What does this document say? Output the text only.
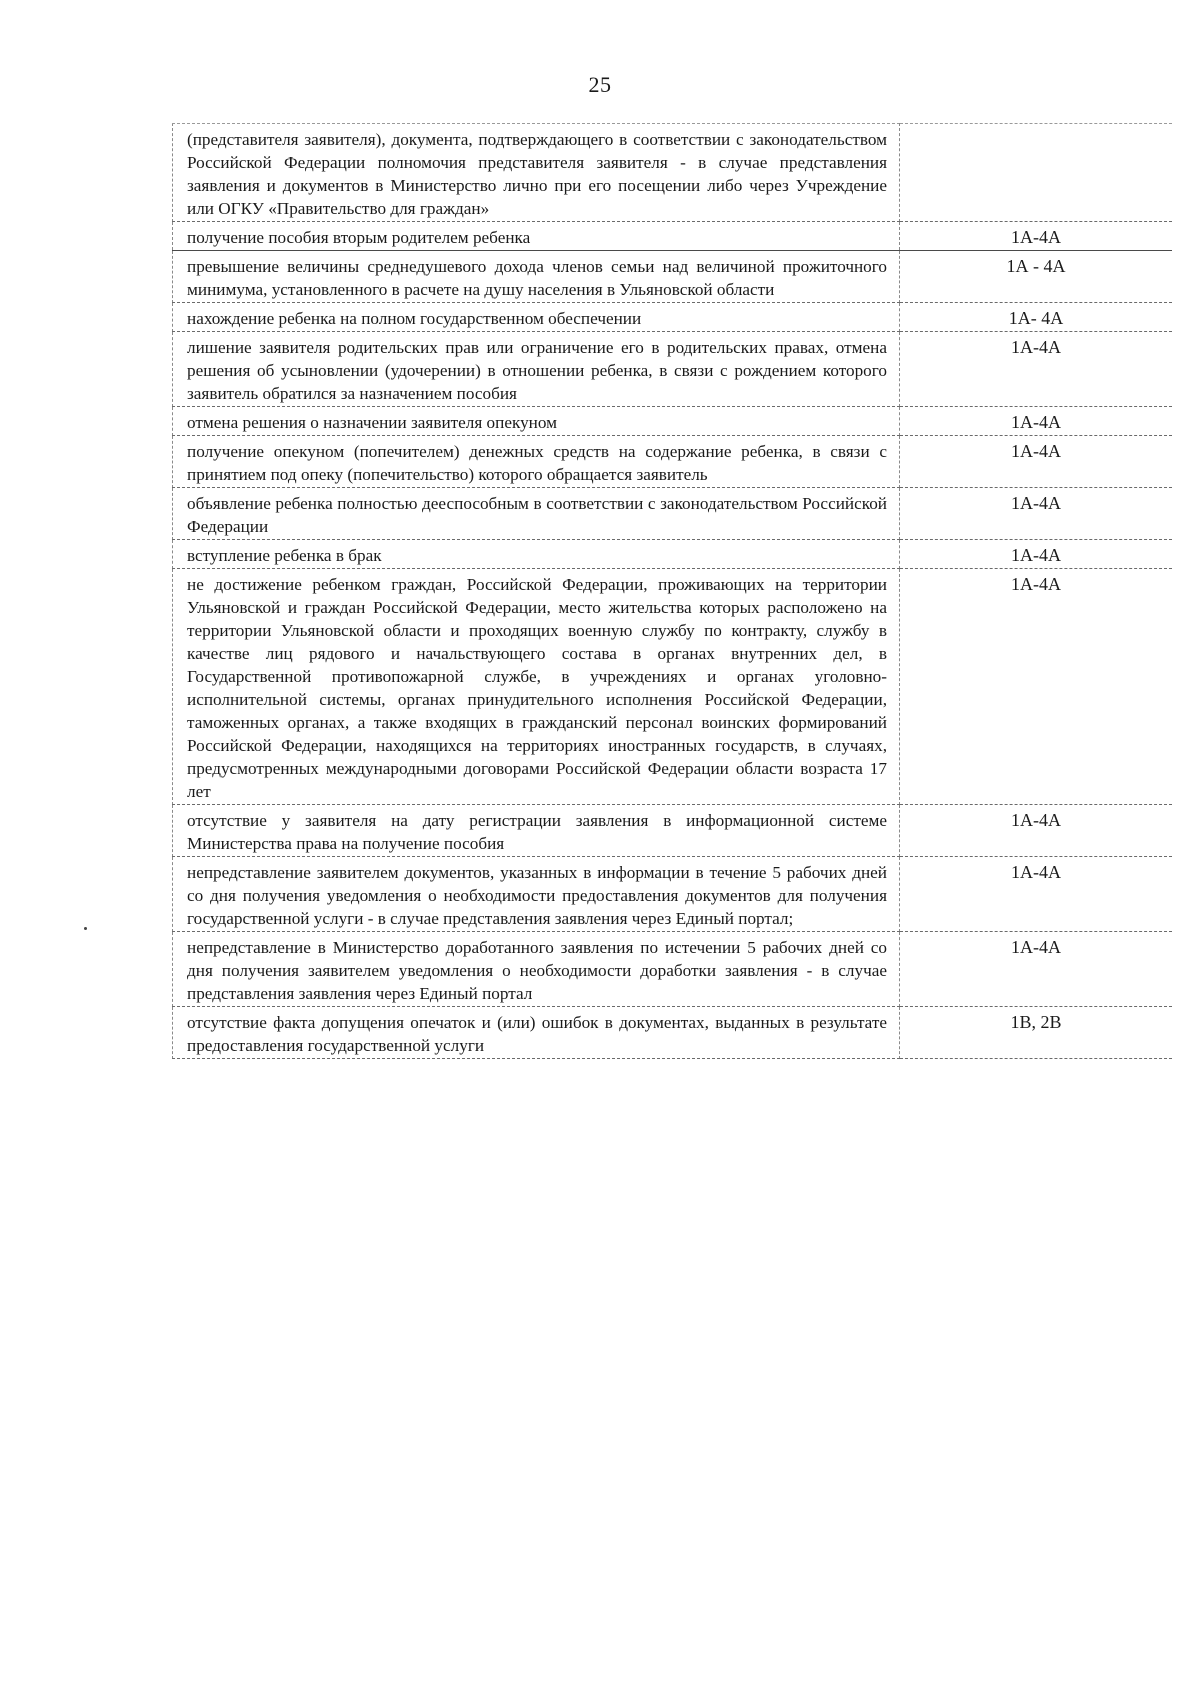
25
(представителя заявителя), документа, подтверждающего в соответствии с законодательством Российской Федерации полномочия представителя заявителя - в случае представления заявления и документов в Министерство лично при его посещении либо через Учреждение или ОГКУ «Правительство для граждан»	
получение пособия вторым родителем ребенка	1А-4А
превышение величины среднедушевого дохода членов семьи над величиной прожиточного минимума, установленного в расчете на душу населения в Ульяновской области	1А - 4А
нахождение ребенка на полном государственном обеспечении	1А- 4А
лишение заявителя родительских прав или ограничение его в родительских правах, отмена решения об усыновлении (удочерении) в отношении ребенка, в связи с рождением которого заявитель обратился за назначением пособия	1А-4А
отмена решения о назначении заявителя опекуном	1А-4А
получение опекуном (попечителем) денежных средств на содержание ребенка, в связи с принятием под опеку (попечительство) которого обращается заявитель	1А-4А
объявление ребенка полностью дееспособным в соответствии с законодательством Российской Федерации	1А-4А
вступление ребенка в брак	1А-4А
не достижение ребенком граждан, Российской Федерации, проживающих на территории Ульяновской и граждан Российской Федерации, место жительства которых расположено на территории Ульяновской области и проходящих военную службу по контракту, службу в качестве лиц рядового и начальствующего состава в органах внутренних дел, в Государственной противопожарной службе, в учреждениях и органах уголовно-исполнительной системы, органах принудительного исполнения Российской Федерации, таможенных органах, а также входящих в гражданский персонал воинских формирований Российской Федерации, находящихся на территориях иностранных государств, в случаях, предусмотренных международными договорами Российской Федерации области возраста 17 лет	1А-4А
отсутствие у заявителя на дату регистрации заявления в информационной системе Министерства права на получение пособия	1А-4А
непредставление заявителем документов, указанных в информации в течение 5 рабочих дней со дня получения уведомления о необходимости предоставления документов для получения государственной услуги - в случае представления заявления через Единый портал;	1А-4А
непредставление в Министерство доработанного заявления по истечении 5 рабочих дней со дня получения заявителем уведомления о необходимости доработки заявления - в случае представления заявления через Единый портал	1А-4А
отсутствие факта допущения опечаток и (или) ошибок в документах, выданных в результате предоставления государственной услуги	1В, 2В
